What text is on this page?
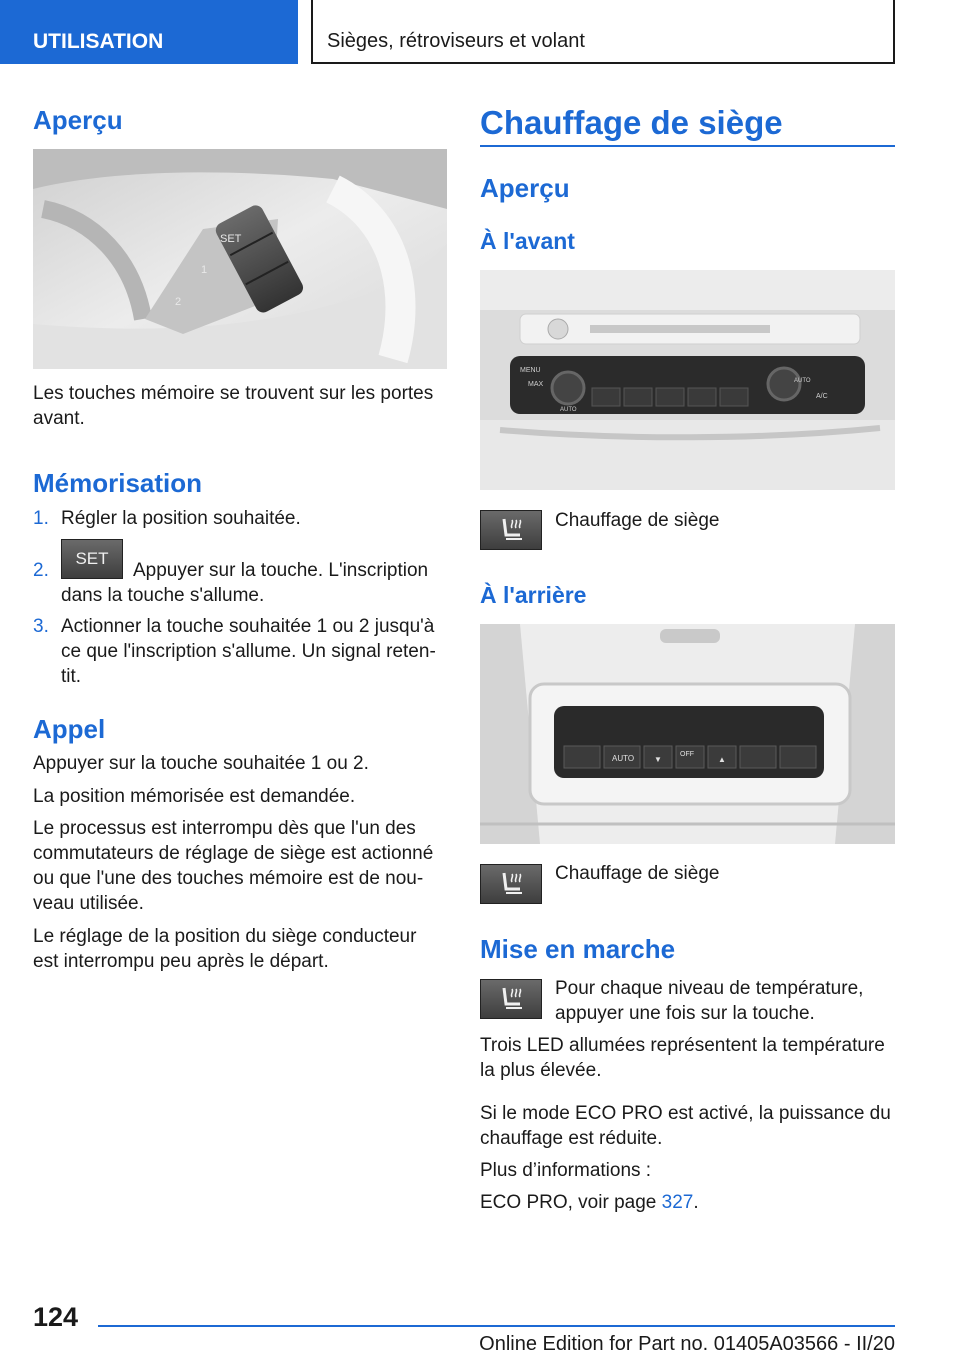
UTILISATION	Sièges, rétroviseurs et volant
Aperçu
SET
1
2
Les touches mémoire se trouvent sur les portes avant.
Mémorisation
1. Régler la position souhaitée.
2.
SET
Appuyer sur la touche. L'inscription
dans la touche s'allume.
3. Actionner la touche souhaitée 1 ou 2 jusqu'à ce que l'inscription s'allume. Un signal reten-tit.
Appel
Appuyer sur la touche souhaitée 1 ou 2.
La position mémorisée est demandée.
Le processus est interrompu dès que l'un des commutateurs de réglage de siège est actionné ou que l'une des touches mémoire est de nou-veau utilisée.
Le réglage de la position du siège conducteur est interrompu peu après le départ.
Chauffage de siège
Aperçu
À l'avant
MENU
MAX
AUTO
AUTO
A/C
Chauffage de siège
À l'arrière
AUTO ▼
OFF
▲
Chauffage de siège
Mise en marche
Pour chaque niveau de température, appuyer une fois sur la touche.
Trois LED allumées représentent la température la plus élevée.
Si le mode ECO PRO est activé, la puissance du chauffage est réduite.
Plus d’informations :
ECO PRO, voir page 327.
124
Online Edition for Part no. 01405A03566 - II/20
